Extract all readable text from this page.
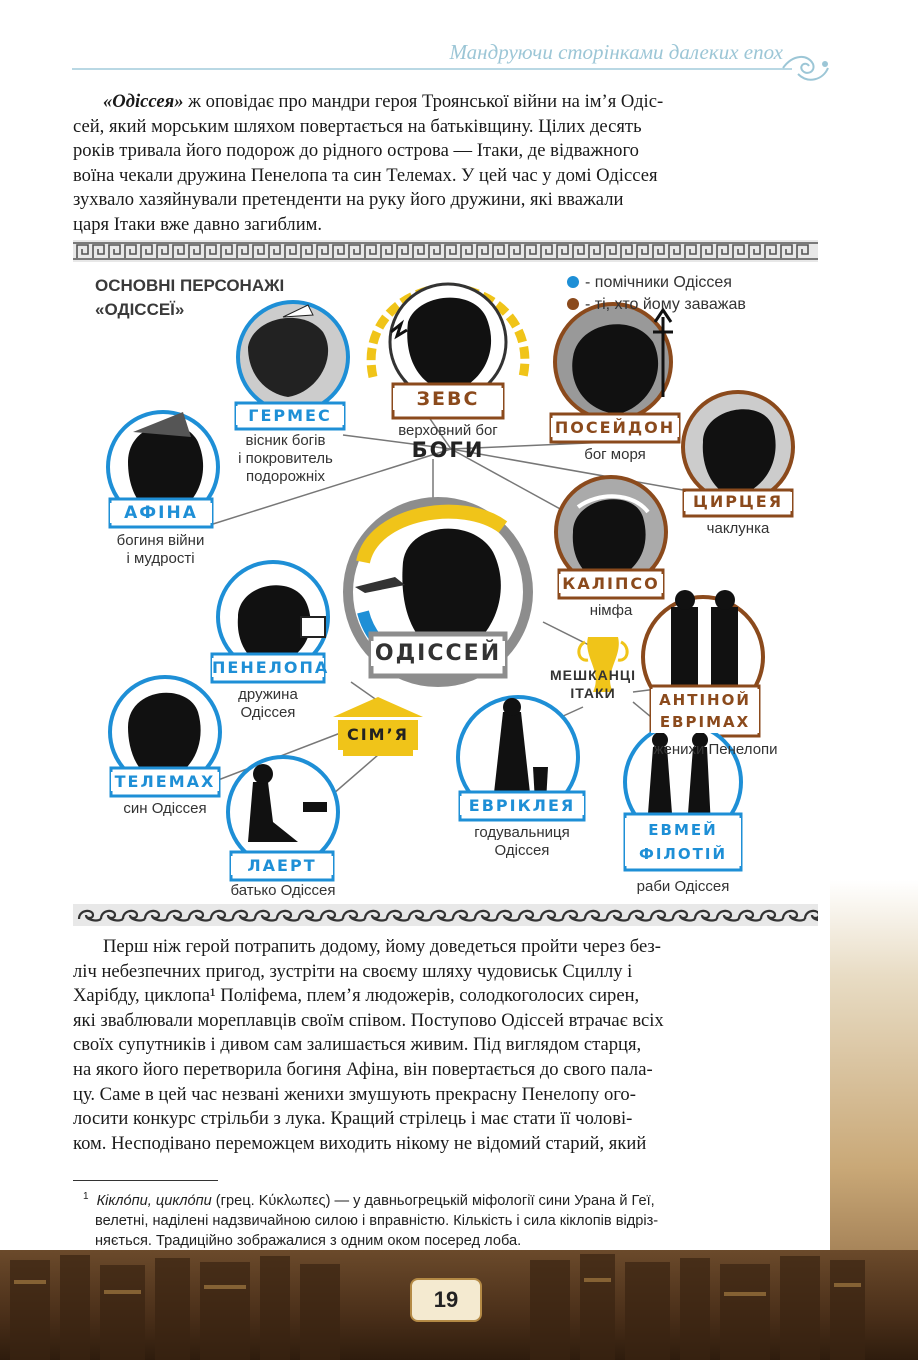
19
Мандруючи сторінками далеких епох
«Одіссея» ж оповідає про мандри героя Троянської війни на ім’я Одіс-
сей, який морським шляхом повертається на батьківщину. Цілих десять
років тривала його подорож до рідного острова — Ітаки, де відважного
воїна чекали дружина Пенелопа та син Телемах. У цей час у домі Одіссея
зухвало хазяйнували претенденти на руку його дружини, які вважали
царя Ітаки вже давно загиблим.
ОСНОВНІ ПЕРСОНАЖІ
«ОДІССЕЇ»
- помічники Одіссея
- ті, хто йому заважав
ЗЕВС
верховний бог
БОГИ
ГЕРМЕС
вісник богів
і покровитель
подорожніх
АФІНА
богиня війни
і мудрості
ПОСЕЙДОН
бог моря
ЦИРЦЕЯ
чаклунка
КАЛІПСО
німфа
ОДІССЕЙ
ПЕНЕЛОПА
дружина
Одіссея
СІМ’Я
МЕШКАНЦІ
ІТАКИ	АНТІНОЙ
ЕВРІМАХ
женихи Пенелопи
ТЕЛЕМАХ
син Одіссея
ЛАЕРТ
батько Одіссея
ЕВРІКЛЕЯ
годувальниця
Одіссея
ЕВМЕЙ
ФІЛОТІЙ
раби Одіссея
Перш ніж герой потрапить додому, йому доведеться пройти через без-
ліч небезпечних пригод, зустріти на своєму шляху чудовиськ Сциллу і
Харібду, циклопа¹ Поліфема, плем’я людожерів, солодкоголосих сирен,
які зваблювали мореплавців своїм співом. Поступово Одіссей втрачає всіх
своїх супутників і дивом сам залишається живим. Під виглядом старця,
на якого його перетворила богиня Афіна, він повертається до свого пала-
цу. Саме в цей час незвані женихи змушують прекрасну Пенелопу ого-
лосити конкурс стрільби з лука. Кращий стрілець і має стати її чолові-
ком. Несподівано переможцем виходить нікому не відомий старий, який
$^1$ Кікло́пи, цикло́пи (грец. Κύκλωπες) — у давньогрецькій міфології сини Урана й Геї,
велетні, наділені надзвичайною силою і вправністю. Кількість і сила кіклопів відріз-
няється. Традиційно зображалися з одним оком посеред лоба.
